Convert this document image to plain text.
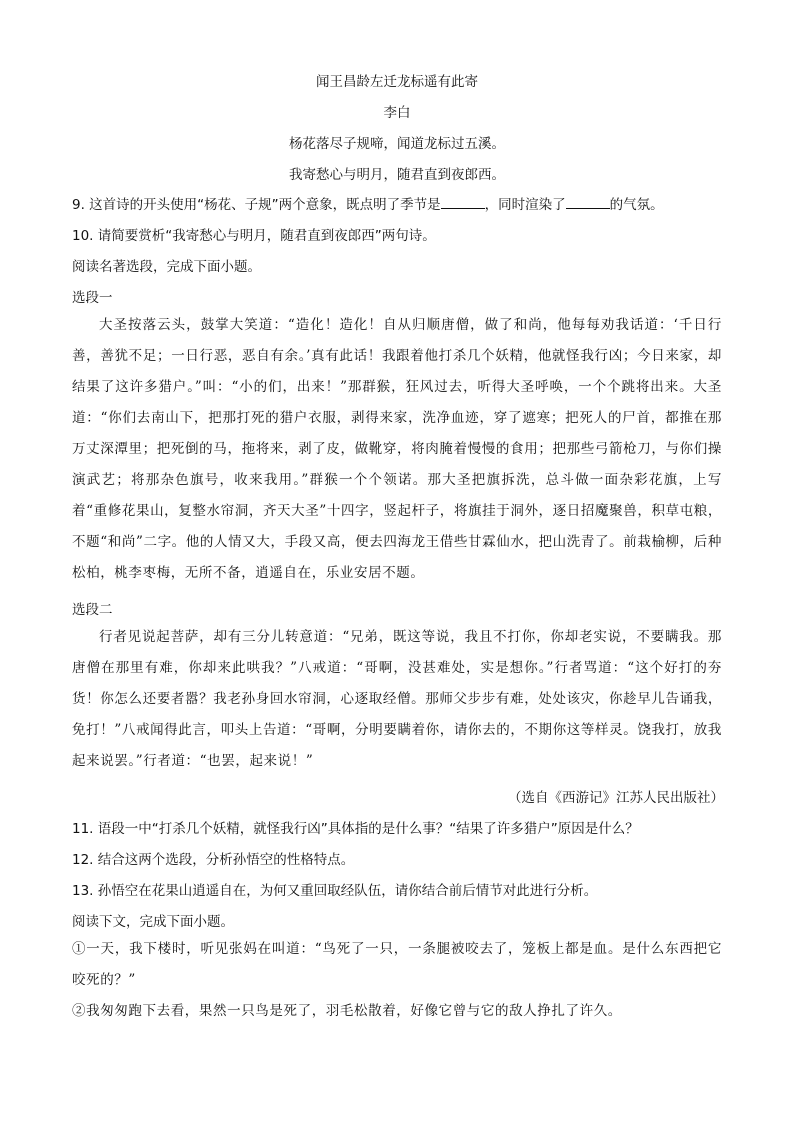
闻王昌龄左迁龙标遥有此寄
李白
杨花落尽子规啼，闻道龙标过五溪。
我寄愁心与明月，随君直到夜郎西。
9. 这首诗的开头使用“杨花、子规”两个意象，既点明了季节是	，同时渲染了	的气氛。
10. 请简要赏析“我寄愁心与明月，随君直到夜郎西”两句诗。
阅读名著选段，完成下面小题。
选段一
大圣按落云头，鼓掌大笑道：“造化！造化！自从归顺唐僧，做了和尚，他每每劝我话道：‘千日行善，善犹不足；一日行恶，恶自有余。’真有此话！我跟着他打杀几个妖精，他就怪我行凶；今日来家，却结果了这许多猎户。”叫：“小的们，出来！”那群猴，狂风过去，听得大圣呼唤，一个个跳将出来。大圣道：“你们去南山下，把那打死的猎户衣服，剥得来家，洗净血迹，穿了遮寒；把死人的尸首，都推在那万丈深潭里；把死倒的马，拖将来，剥了皮，做靴穿，将肉腌着慢慢的食用；把那些弓箭枪刀，与你们操演武艺；将那杂色旗号，收来我用。”群猴一个个领诺。那大圣把旗拆洗，总斗做一面杂彩花旗，上写着“重修花果山，复整水帘洞，齐天大圣”十四字，竖起杆子，将旗挂于洞外，逐日招魔聚兽，积草屯粮，不题“和尚”二字。他的人情又大，手段又高，便去四海龙王借些甘霖仙水，把山洗青了。前栽榆柳，后种松柏，桃李枣梅，无所不备，逍遥自在，乐业安居不题。
选段二
行者见说起菩萨，却有三分儿转意道：“兄弟，既这等说，我且不打你，你却老实说，不要瞒我。那唐僧在那里有难，你却来此哄我？”八戒道：“哥啊，没甚难处，实是想你。”行者骂道：“这个好打的夯货！你怎么还要者嚣？我老孙身回水帘洞，心逐取经僧。那师父步步有难，处处该灾，你趁早儿告诵我，免打！”八戒闻得此言，叩头上告道：“哥啊，分明要瞒着你，请你去的，不期你这等样灵。饶我打，放我起来说罢。”行者道：“也罢，起来说！”
（选自《西游记》江苏人民出版社）
11. 语段一中“打杀几个妖精，就怪我行凶”具体指的是什么事？“结果了许多猎户”原因是什么？
12. 结合这两个选段，分析孙悟空的性格特点。
13. 孙悟空在花果山逍遥自在，为何又重回取经队伍，请你结合前后情节对此进行分析。
阅读下文，完成下面小题。
①一天，我下楼时，听见张妈在叫道：“鸟死了一只，一条腿被咬去了，笼板上都是血。是什么东西把它咬死的？”
②我匆匆跑下去看，果然一只鸟是死了，羽毛松散着，好像它曾与它的敌人挣扎了许久。
